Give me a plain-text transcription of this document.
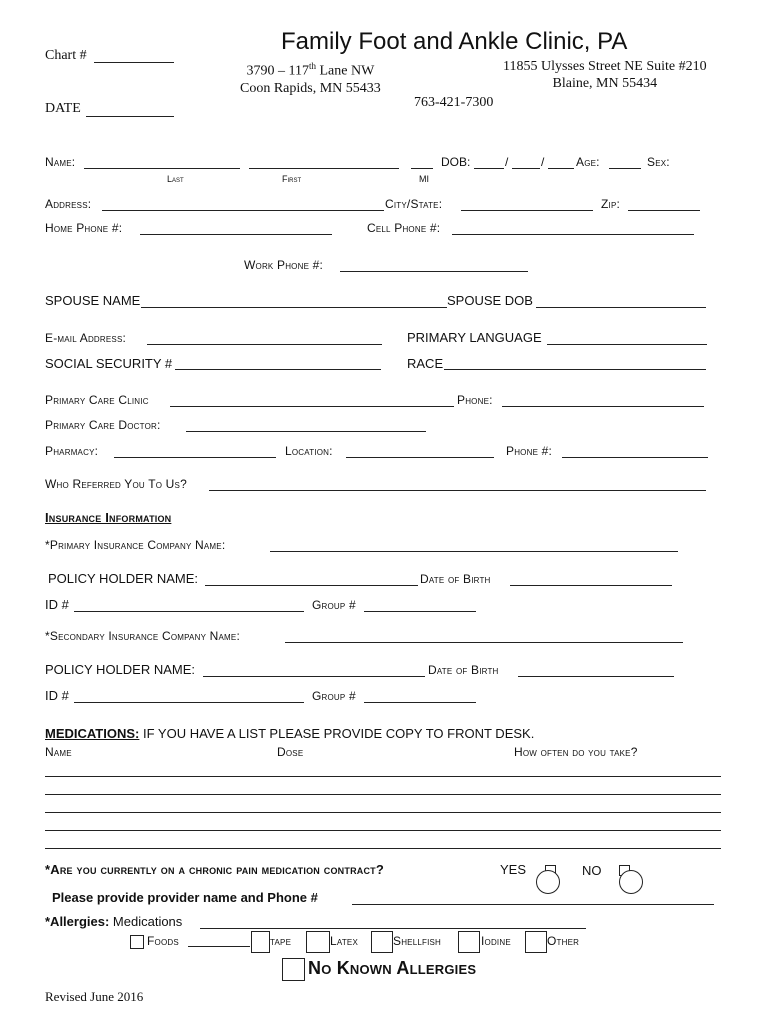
Family Foot and Ankle Clinic, PA
Chart #
3790 – 117th Lane NW
Coon Rapids, MN 55433
11855 Ulysses Street NE Suite #210
Blaine, MN 55434
763-421-7300
DATE
Name:
Last	First	MI
DOB:	/	/	Age:	Sex:
Address:	City/State:	Zip:
Home Phone #:	Cell Phone #:
Work Phone #:
SPOUSE NAME	SPOUSE DOB
E-mail Address:	PRIMARY LANGUAGE
SOCIAL SECURITY #	RACE
Primary Care Clinic	Phone:
Primary Care Doctor:
Pharmacy:	Location:	Phone #:
Who Referred You To Us?
Insurance Information
*Primary Insurance Company Name:
POLICY HOLDER NAME:	Date of Birth
ID #	Group #
*Secondary Insurance Company Name:
POLICY HOLDER NAME:	Date of Birth
ID #	Group #
MEDICATIONS: IF YOU HAVE A LIST PLEASE PROVIDE COPY TO FRONT DESK.
Name	Dose	How often do you take?
*Are you currently on a chronic pain medication contract?	YES	NO
Please provide provider name and Phone #
*Allergies: Medications
Foods	tape	Latex	Shellfish	Iodine	Other
No Known Allergies
Revised June 2016
